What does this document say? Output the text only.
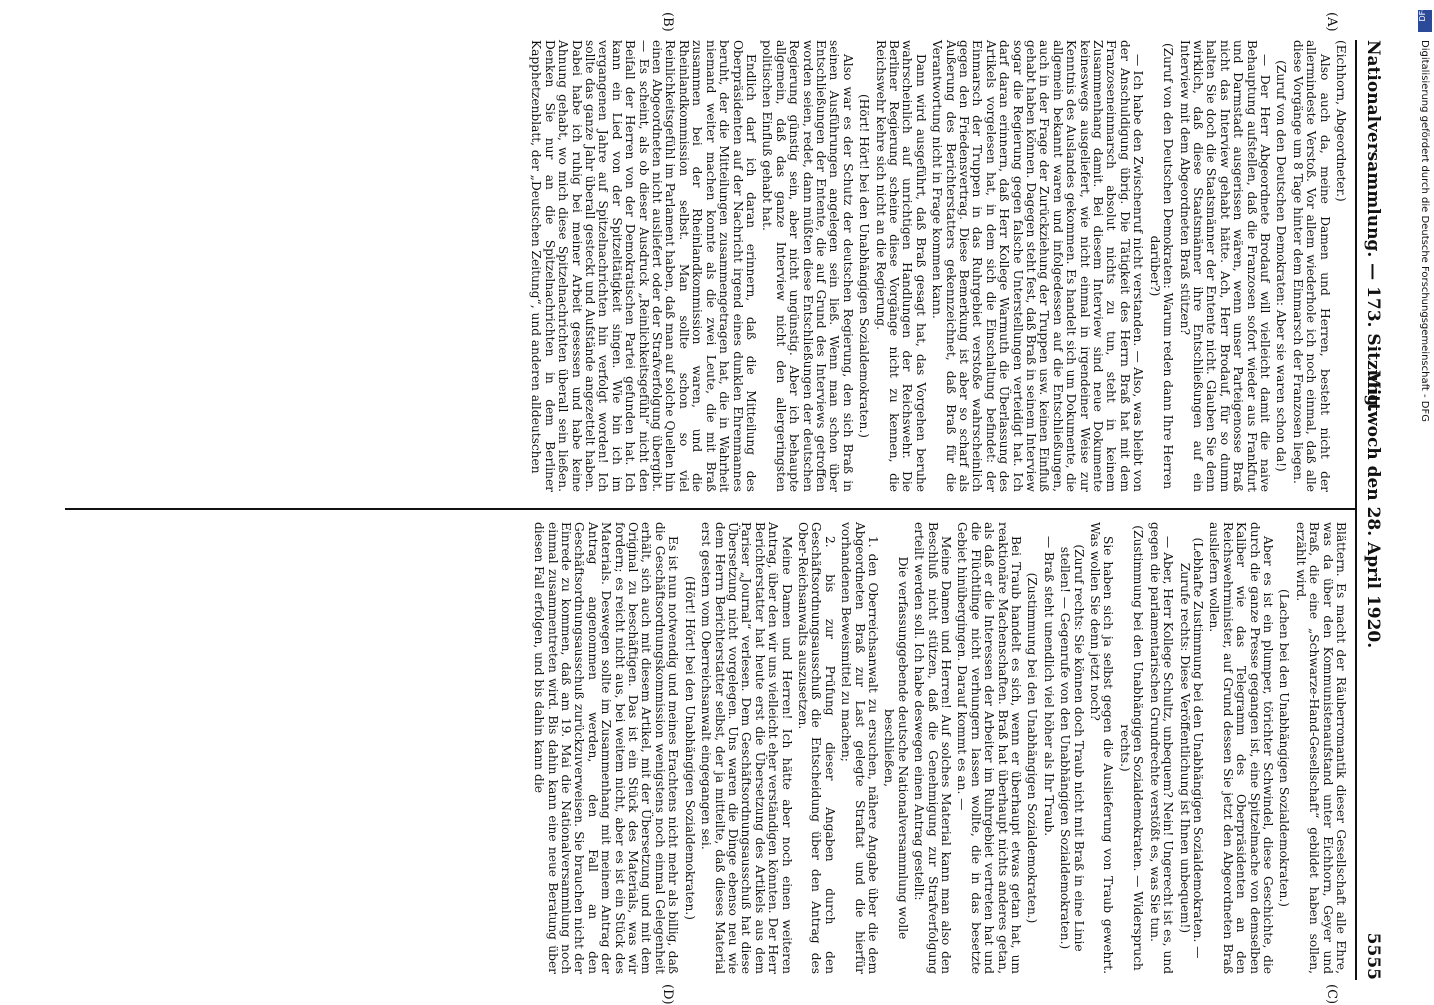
DFG
Digitalisierung gefördert durch die Deutsche Forschungsgemeinschaft - DFG
Nationalversammlung. — 173. Sitzung.
Mittwoch den 28. April 1920.
5555
(A)
(B)
(C)
(D)

(Eichhorn, Abgeordneter.)

Also auch da, meine Damen und Herren, besteht nicht der allermindeste Verstoß. Vor allem wiederhole ich noch einmal, daß alle diese Vorgänge um 8 Tage hinter dem Einmarsch der Franzosen liegen.

(Zuruf von den Deutschen Demokraten: Aber sie waren schon da!)

— Der Herr Abgeordnete Brodauf will vielleicht damit die naive Behauptung aufstellen, daß die Franzosen sofort wieder aus Frankfurt und Darmstadt ausgerissen wären, wenn unser Parteigenosse Braß nicht das Interview gehabt hätte. Ach, Herr Brodauf, für so dumm halten Sie doch die Staatsmänner der Entente nicht. Glauben Sie denn wirklich, daß diese Staatsmänner ihre Entschließungen auf ein Interview mit dem Abgeordneten Braß stützen?

(Zuruf von den Deutschen Demokraten: Warum reden dann Ihre Herren darüber?)

— Ich habe den Zwischenruf nicht verstanden. — Also, was bleibt von der Anschuldigung übrig. Die Tätigkeit des Herrn Braß hat mit dem Franzoseneinmarsch absolut nichts zu tun, steht in keinem Zusammenhang damit. Bei diesem Interview sind neue Dokumente keineswegs ausgeliefert, wie nicht einmal in irgendeiner Weise zur Kenntnis des Auslandes gekommen. Es handelt sich um Dokumente, die allgemein bekannt waren und infolgedessen auf die Entschließungen, auch in der Frage der Zurückziehung der Truppen usw. keinen Einfluß gehabt haben können. Dagegen steht fest, daß Braß in seinem Interview sogar die Regierung gegen falsche Unterstellungen verteidigt hat. Ich darf daran erinnern, daß Herr Kollege Warmuth die Überlassung des Artikels vorgelesen hat, in dem sich die Einschaltung befindet: der Einmarsch der Truppen in das Ruhrgebiet verstoße wahrscheinlich gegen den Friedensvertrag. Diese Bemerkung ist aber so scharf als Äußerung des Berichterstatters gekennzeichnet, daß Braß für die Verantwortung nicht in Frage kommen kann.

Dann wird ausgeführt, daß Braß gesagt hat, das Vorgehen beruhe wahrscheinlich auf unrichtigen Handlungen der Reichswehr. Die Berliner Regierung scheine diese Vorgänge nicht zu kennen, die Reichswehr kehre sich nicht an die Regierung.

(Hört! Hört! bei den Unabhängigen Sozialdemokraten.)

Also war es der Schutz der deutschen Regierung, den sich Braß in seinen Ausführungen angelegen sein ließ. Wenn man schon über Entschließungen der Entente, die auf Grund des Interviews getroffen worden seien, redet, dann müßten diese Entschließungen der deutschen Regierung günstig sein, aber nicht ungünstig. Aber ich behaupte allgemein, daß das ganze Interview nicht den allergeringsten politischen Einfluß gehabt hat.

Endlich darf ich daran erinnern, daß die Mitteilung des Oberpräsidenten auf der Nachricht irgend eines dunklen Ehrenmannes beruht, der die Mitteilungen zusammengetragen hat, die in Wahrheit niemand weiter machen konnte als die zwei Leute, die mit Braß zusammen bei der Rheinlandkommission waren, und die Rheinlandkommission selbst. Man sollte schon so viel Reinlichkeitsgefühl im Parlament haben, daß man auf solche Quellen hin einen Abgeordneten nicht ausliefert oder der Strafverfolgung übergibt. — Es scheint, als ob dieser Ausdruck „Reinlichkeitsgefühl“ nicht den Beifall der Herren von der Demokratischen Partei gefunden hat. Ich kann ein Lied von der Spitzeltätigkeit singen. Wie bin ich im vergangenen Jahre auf Spitzelnachrichten hin verfolgt worden! Ich sollte das ganze Jahr überall gesteckt und Aufstände angezettelt haben. Dabei habe ich ruhig bei meiner Arbeit gesessen und habe keine Ahnung gehabt, wo mich diese Spitzelnachrichten überall sein ließen. Denken Sie nur an die Spitzelnachrichten in dem Berliner Kapphetzenblatt, der „Deutschen Zeitung“, und anderen alldeutschen

Blättern. Es macht der Räuberromantik dieser Gesellschaft alle Ehre, was da über den Kommunistenaufstand unter Eichhorn, Geyer und Braß, die eine „Schwarze-Hand-Gesellschaft“ gebildet haben sollen, erzählt wird.

(Lachen bei den Unabhängigen Sozialdemokraten.)

Aber es ist ein plumper, törichter Schwindel, diese Geschichte, die durch die ganze Presse gegangen ist, eine Spitzelmache von demselben Kaliber wie das Telegramm des Oberpräsidenten an den Reichswehrminister, auf Grund dessen Sie jetzt den Abgeordneten Braß ausliefern wollen.

(Lebhafte Zustimmung bei den Unabhängigen Sozialdemokraten. — Zurufe rechts: Diese Veröffentlichung ist Ihnen unbequem!)

— Aber, Herr Kollege Schultz, unbequem? Nein! Ungerecht ist es, und gegen die parlamentarischen Grundrechte verstößt es, was Sie tun.

(Zustimmung bei den Unabhängigen Sozialdemokraten. — Widerspruch rechts.)

Sie haben sich ja selbst gegen die Auslieferung von Traub gewehrt. Was wollen Sie denn jetzt noch?

(Zuruf rechts: Sie können doch Traub nicht mit Braß in eine Linie stellen! — Gegenrufe von den Unabhängigen Sozialdemokraten.)

— Braß steht unendlich viel höher als Ihr Traub.

(Zustimmung bei den Unabhängigen Sozialdemokraten.)

Bei Traub handelt es sich, wenn er überhaupt etwas getan hat, um reaktionäre Machenschaften. Braß hat überhaupt nichts anderes getan, als daß er die Interessen der Arbeiter im Ruhrgebiet vertreten hat und die Flüchtlinge nicht verhungern lassen wollte, die in das besetzte Gebiet hinübergingen. Darauf kommt es an. —

Meine Damen und Herren! Auf solches Material kann man also den Beschluß nicht stützen, daß die Genehmigung zur Strafverfolgung erteilt werden soll. Ich habe deswegen einen Antrag gestellt:

Die verfassunggebende deutsche Nationalversammlung wolle beschließen,

1. den Oberreichsanwalt zu ersuchen, nähere Angabe über die dem Abgeordneten Braß zur Last gelegte Straftat und die hierfür vorhandenen Beweismittel zu machen;

2. bis zur Prüfung dieser Angaben durch den Geschäftsordnungsausschuß die Entscheidung über den Antrag des Ober-Reichsanwalts auszusetzen.

Meine Damen und Herren! Ich hätte aber noch einen weiteren Antrag, über den wir uns vielleicht eher verständigen könnten. Der Herr Berichterstatter hat heute erst die Übersetzung des Artikels aus dem Pariser „Journal“ verlesen. Dem Geschäftsordnungsausschuß hat diese Übersetzung nicht vorgelegen. Uns waren die Dinge ebenso neu wie dem Herrn Berichterstatter selbst, der ja mitteilte, daß dieses Material erst gestern vom Oberreichsanwalt eingegangen sei.

(Hört! Hört! bei den Unabhängigen Sozialdemokraten.)

Es ist nun notwendig und meines Erachtens nicht mehr als billig, daß die Geschäftsordnungskommission wenigstens noch einmal Gelegenheit erhält, sich auch mit diesem Artikel, mit der Übersetzung und mit dem Original zu beschäftigen. Das ist ein Stück des Materials, was wir fordern; es reicht nicht aus, bei weitem nicht, aber es ist ein Stück des Materials. Deswegen sollte im Zusammenhang mit meinem Antrag der Antrag angenommen werden, den Fall an den Geschäftsordnungsausschuß zurückzuverweisen. Sie brauchen nicht der Einrede zu kommen, daß am 19. Mai die Nationalversammlung noch einmal zusammentreten wird. Bis dahin kann eine neue Beratung über diesen Fall erfolgen, und bis dahin kann die
